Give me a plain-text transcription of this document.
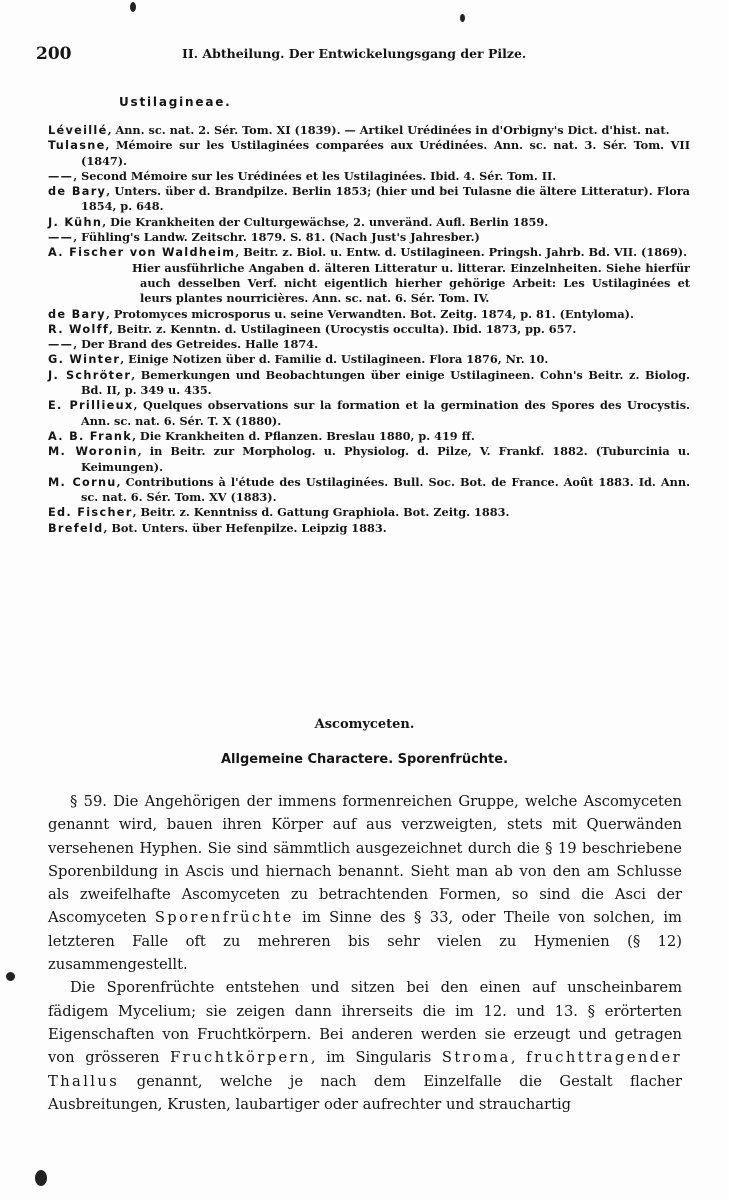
200	II. Abtheilung. Der Entwickelungsgang der Pilze.
Ustilagineae.

Léveillé, Ann. sc. nat. 2. Sér. Tom. XI (1839). — Artikel Urédinées in d'Orbigny's Dict. d'hist. nat.

Tulasne, Mémoire sur les Ustilaginées comparées aux Urédinées. Ann. sc. nat. 3. Sér. Tom. VII (1847).

——, Second Mémoire sur les Urédinées et les Ustilaginées. Ibid. 4. Sér. Tom. II.

de Bary, Unters. über d. Brandpilze. Berlin 1853; (hier und bei Tulasne die ältere Litteratur). Flora 1854, p. 648.

J. Kühn, Die Krankheiten der Culturgewächse, 2. unveränd. Aufl. Berlin 1859.

——, Fühling's Landw. Zeitschr. 1879. S. 81. (Nach Just's Jahresber.)

A. Fischer von Waldheim, Beitr. z. Biol. u. Entw. d. Ustilagineen. Pringsh. Jahrb. Bd. VII. (1869).

Hier ausführliche Angaben d. älteren Litteratur u. litterar. Einzelnheiten. Siehe hierfür auch desselben Verf. nicht eigentlich hierher gehörige Arbeit: Les Ustilaginées et leurs plantes nourricières. Ann. sc. nat. 6. Sér. Tom. IV.

de Bary, Protomyces microsporus u. seine Verwandten. Bot. Zeitg. 1874, p. 81. (Entyloma).

R. Wolff, Beitr. z. Kenntn. d. Ustilagineen (Urocystis occulta). Ibid. 1873, pp. 657.

——, Der Brand des Getreides. Halle 1874.

G. Winter, Einige Notizen über d. Familie d. Ustilagineen. Flora 1876, Nr. 10.

J. Schröter, Bemerkungen und Beobachtungen über einige Ustilagineen. Cohn's Beitr. z. Biolog. Bd. II, p. 349 u. 435.

E. Prillieux, Quelques observations sur la formation et la germination des Spores des Urocystis. Ann. sc. nat. 6. Sér. T. X (1880).

A. B. Frank, Die Krankheiten d. Pflanzen. Breslau 1880, p. 419 ff.

M. Woronin, in Beitr. zur Morpholog. u. Physiolog. d. Pilze, V. Frankf. 1882. (Tuburcinia u. Keimungen).

M. Cornu, Contributions à l'étude des Ustilaginées. Bull. Soc. Bot. de France. Août 1883. Id. Ann. sc. nat. 6. Sér. Tom. XV (1883).

Ed. Fischer, Beitr. z. Kenntniss d. Gattung Graphiola. Bot. Zeitg. 1883.

Brefeld, Bot. Unters. über Hefenpilze. Leipzig 1883.

Ascomyceten.
Allgemeine Charactere. Sporenfrüchte.

§ 59. Die Angehörigen der immens formenreichen Gruppe, welche Ascomyceten genannt wird, bauen ihren Körper auf aus verzweigten, stets mit Querwänden versehenen Hyphen. Sie sind sämmtlich ausgezeichnet durch die § 19 beschriebene Sporenbildung in Ascis und hiernach benannt. Sieht man ab von den am Schlusse als zweifelhafte Ascomyceten zu betrachtenden Formen, so sind die Asci der Ascomyceten Sporenfrüchte im Sinne des § 33, oder Theile von solchen, im letzteren Falle oft zu mehreren bis sehr vielen zu Hymenien (§ 12) zusammengestellt.

Die Sporenfrüchte entstehen und sitzen bei den einen auf unscheinbarem fädigem Mycelium; sie zeigen dann ihrerseits die im 12. und 13. § erörterten Eigenschaften von Fruchtkörpern. Bei anderen werden sie erzeugt und getragen von grösseren Fruchtkörpern, im Singularis Stroma, fruchttragender Thallus genannt, welche je nach dem Einzelfalle die Gestalt flacher Ausbreitungen, Krusten, laubartiger oder aufrechter und strauchartig
